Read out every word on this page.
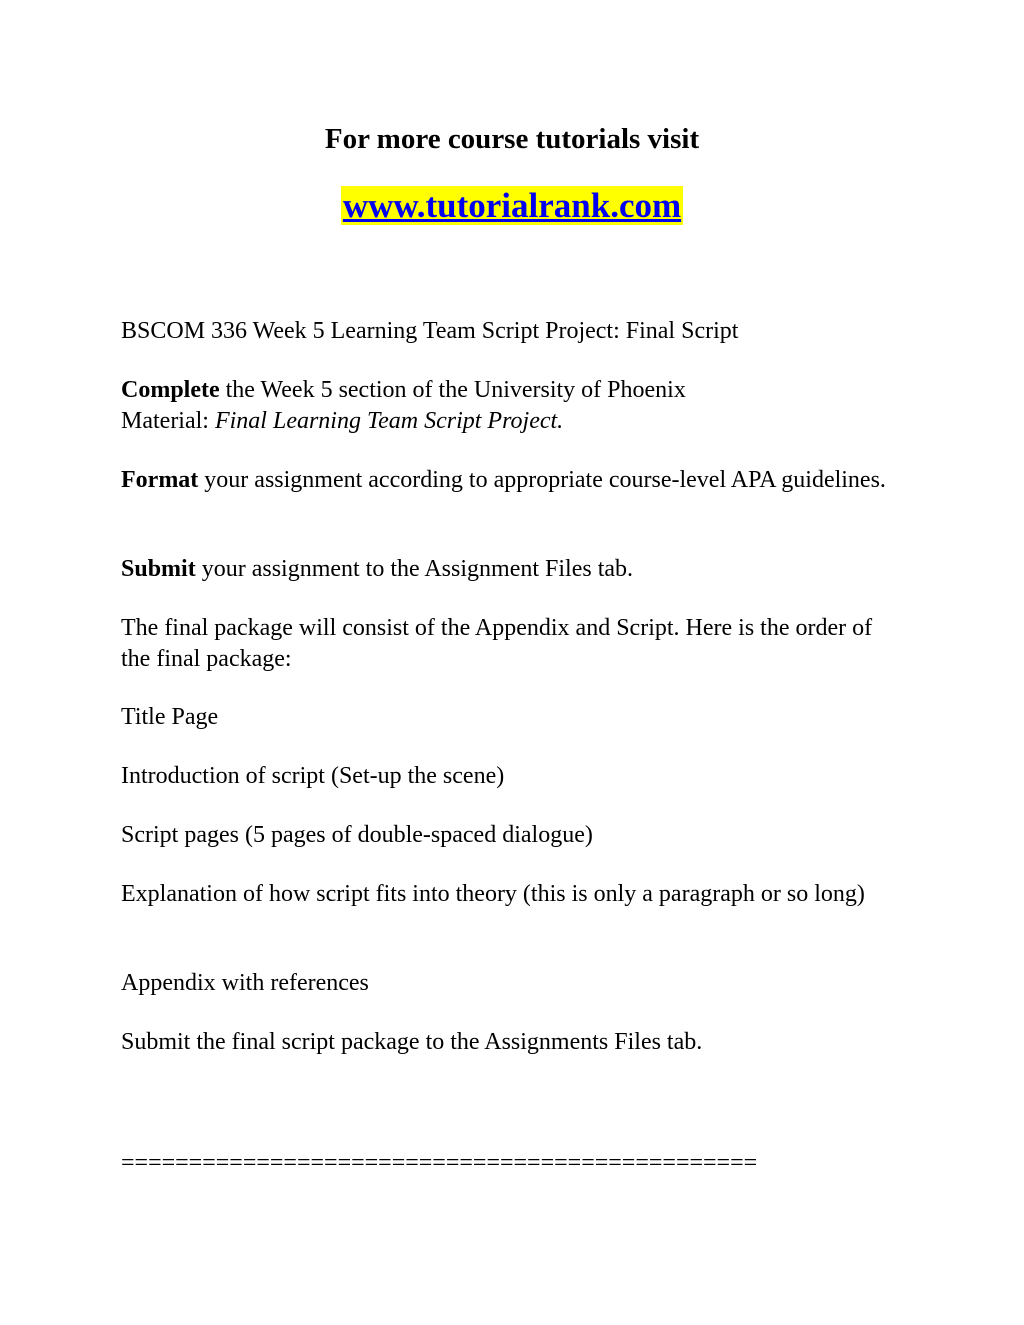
For more course tutorials visit
www.tutorialrank.com

BSCOM 336 Week 5 Learning Team Script Project: Final Script

Complete the Week 5 section of the University of Phoenix
Material: Final Learning Team Script Project.

Format your assignment according to appropriate course-level APA guidelines.

Submit your assignment to the Assignment Files tab.

The final package will consist of the Appendix and Script. Here is the order of the final package:

Title Page

Introduction of script (Set-up the scene)

Script pages (5 pages of double-spaced dialogue)

Explanation of how script fits into theory (this is only a paragraph or so long)

Appendix with references

Submit the final script package to the Assignments Files tab.

===============================================
